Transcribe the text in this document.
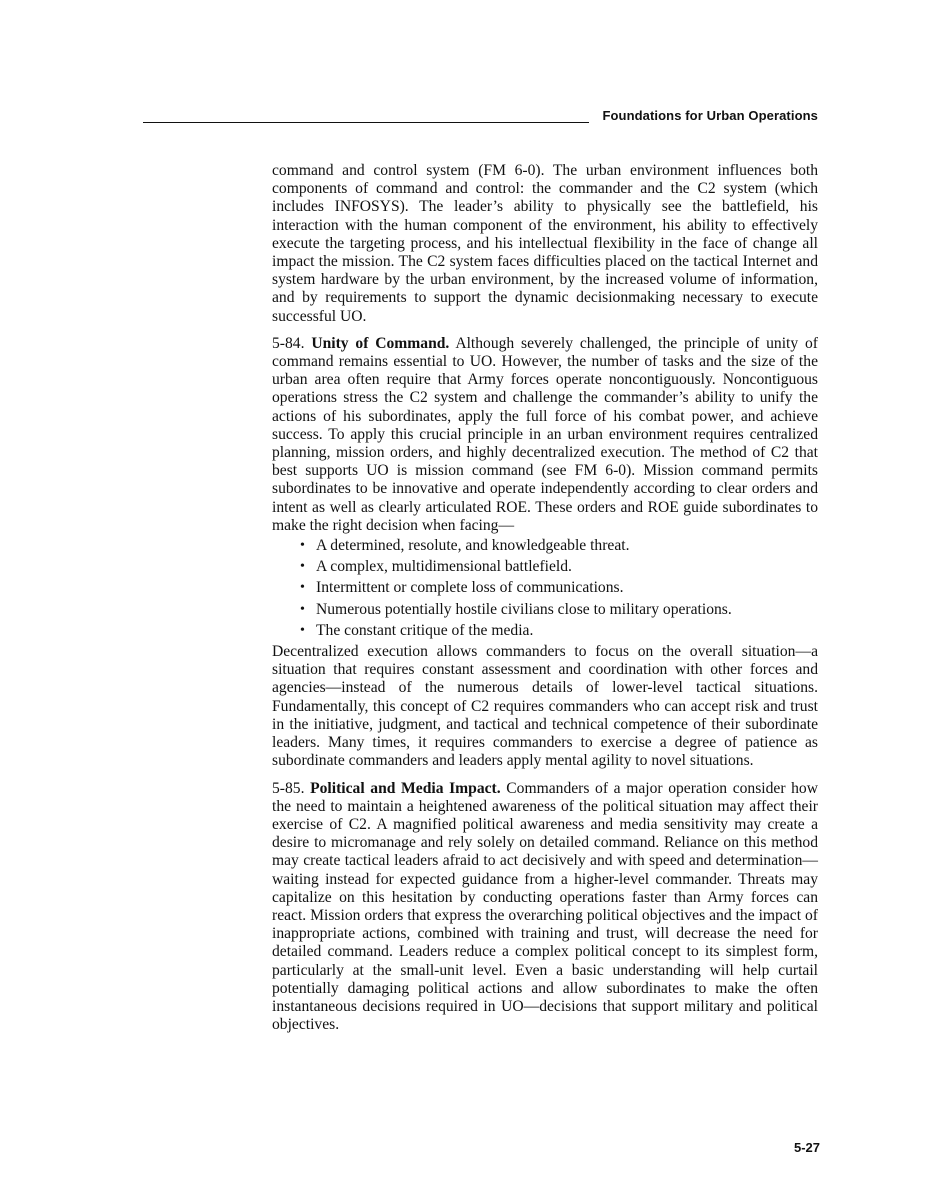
Foundations for Urban Operations

command and control system (FM 6-0). The urban environment influences both components of command and control: the commander and the C2 system (which includes INFOSYS). The leader’s ability to physically see the battlefield, his interaction with the human component of the environment, his ability to effectively execute the targeting process, and his intellectual flexibility in the face of change all impact the mission. The C2 system faces difficulties placed on the tactical Internet and system hardware by the urban environment, by the increased volume of information, and by requirements to support the dynamic decisionmaking necessary to execute successful UO.

5-84. Unity of Command. Although severely challenged, the principle of unity of command remains essential to UO. However, the number of tasks and the size of the urban area often require that Army forces operate noncontiguously. Noncontiguous operations stress the C2 system and challenge the commander’s ability to unify the actions of his subordinates, apply the full force of his combat power, and achieve success. To apply this crucial principle in an urban environment requires centralized planning, mission orders, and highly decentralized execution. The method of C2 that best supports UO is mission command (see FM 6-0). Mission command permits subordinates to be innovative and operate independently according to clear orders and intent as well as clearly articulated ROE. These orders and ROE guide subordinates to make the right decision when facing—

• A determined, resolute, and knowledgeable threat.
• A complex, multidimensional battlefield.
• Intermittent or complete loss of communications.
• Numerous potentially hostile civilians close to military operations.
• The constant critique of the media.

Decentralized execution allows commanders to focus on the overall situation—a situation that requires constant assessment and coordination with other forces and agencies—instead of the numerous details of lower-level tactical situations. Fundamentally, this concept of C2 requires commanders who can accept risk and trust in the initiative, judgment, and tactical and technical competence of their subordinate leaders. Many times, it requires commanders to exercise a degree of patience as subordinate commanders and leaders apply mental agility to novel situations.

5-85. Political and Media Impact. Commanders of a major operation consider how the need to maintain a heightened awareness of the political situation may affect their exercise of C2. A magnified political awareness and media sensitivity may create a desire to micromanage and rely solely on detailed command. Reliance on this method may create tactical leaders afraid to act decisively and with speed and determination—waiting instead for expected guidance from a higher-level commander. Threats may capitalize on this hesitation by conducting operations faster than Army forces can react. Mission orders that express the overarching political objectives and the impact of inappropriate actions, combined with training and trust, will decrease the need for detailed command. Leaders reduce a complex political concept to its simplest form, particularly at the small-unit level. Even a basic understanding will help curtail potentially damaging political actions and allow subordinates to make the often instantaneous decisions required in UO—decisions that support military and political objectives.

5-27
